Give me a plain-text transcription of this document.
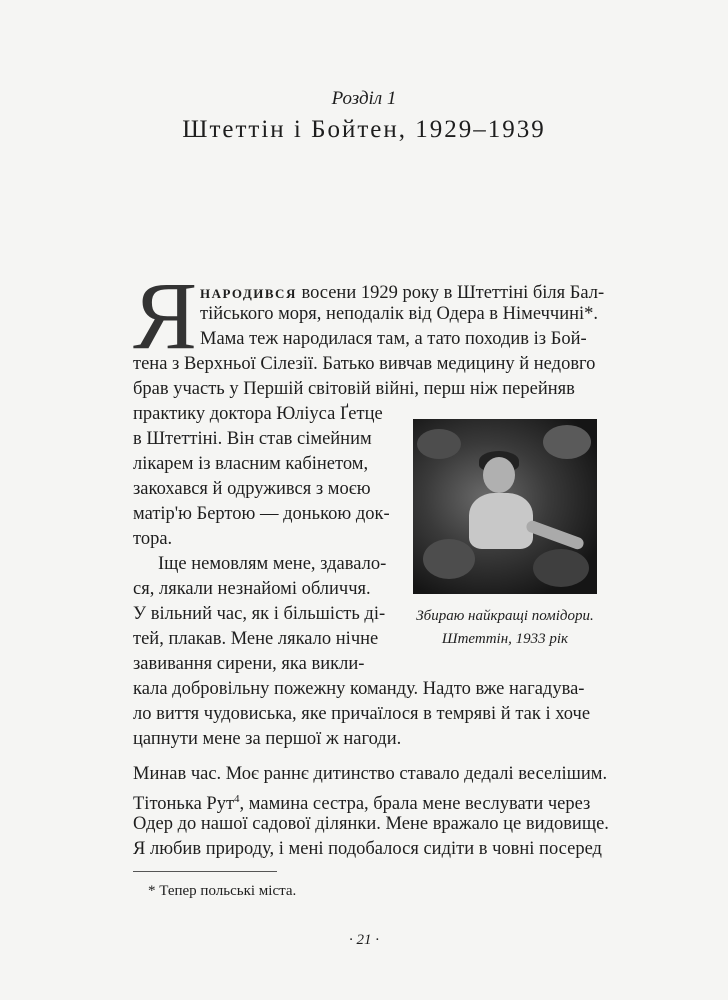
Розділ 1
Штеттін і Бойтен, 1929–1939
Я народився восени 1929 року в Штеттіні біля Бал-
тійського моря, неподалік від Одера в Німеччині*.
Мама теж народилася там, а тато походив із Бой-
тена з Верхньої Сілезії. Батько вивчав медицину й недовго
брав участь у Першій світовій війні, перш ніж перейняв
практику доктора Юліуса Ґетце
в Штеттіні. Він став сімейним
лікарем із власним кабінетом,
закохався й одружився з моєю
матір'ю Бертою — донькою док-
тора.
Іще немовлям мене, здавало-
ся, лякали незнайомі обличчя.
У вільний час, як і більшість ді-
тей, плакав. Мене лякало нічне
завивання сирени, яка викли-
кала добровільну пожежну команду. Надто вже нагадува-
ло виття чудовиська, яке причаїлося в темряві й так і хоче
цапнути мене за першої ж нагоди.
Збираю найкращі помідори.
Штеттін, 1933 рік
Минав час. Моє раннє дитинство ставало дедалі веселішим.
Тітонька Рут$^4$, мамина сестра, брала мене веслувати через
Одер до нашої садової ділянки. Мене вражало це видовище.
Я любив природу, і мені подобалося сидіти в човні посеред
* Тепер польські міста.
· 21 ·
